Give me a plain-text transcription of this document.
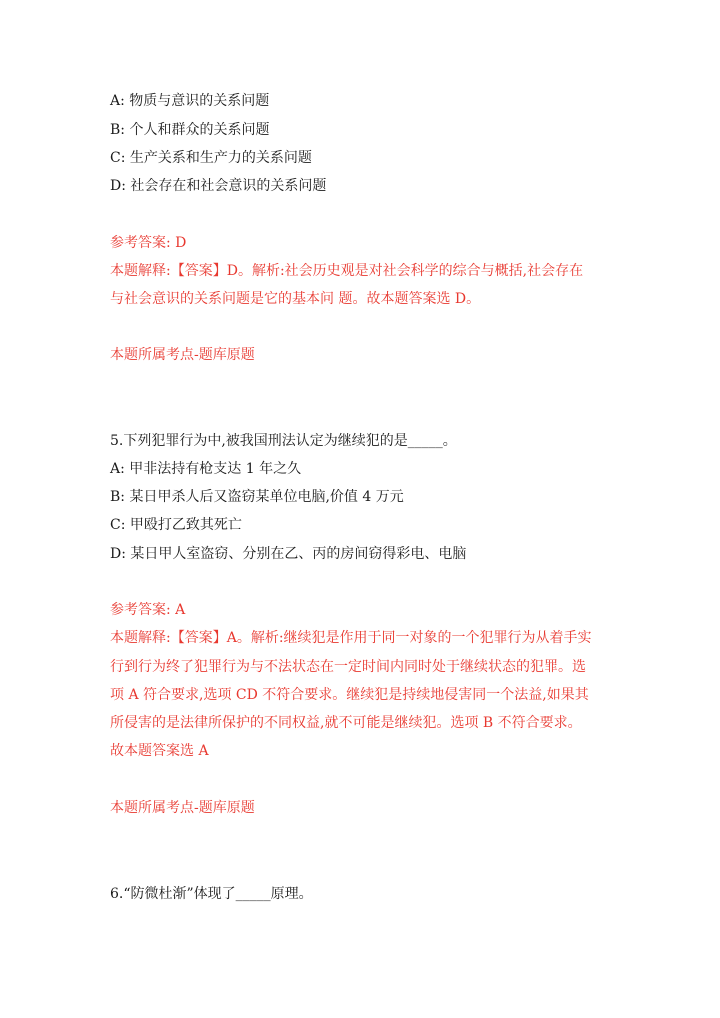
A: 物质与意识的关系问题
B: 个人和群众的关系问题
C: 生产关系和生产力的关系问题
D: 社会存在和社会意识的关系问题
参考答案: D
本题解释:【答案】D。解析:社会历史观是对社会科学的综合与概括,社会存在
与社会意识的关系问题是它的基本问 题。故本题答案选 D。
本题所属考点-题库原题
5.下列犯罪行为中,被我国刑法认定为继续犯的是_____。
A: 甲非法持有枪支达 1 年之久
B: 某日甲杀人后又盗窃某单位电脑,价值 4 万元
C: 甲殴打乙致其死亡
D: 某日甲人室盗窃、分别在乙、丙的房间窃得彩电、电脑
参考答案: A
本题解释:【答案】A。解析:继续犯是作用于同一对象的一个犯罪行为从着手实
行到行为终了犯罪行为与不法状态在一定时间内同时处于继续状态的犯罪。选
项 A 符合要求,选项 CD 不符合要求。继续犯是持续地侵害同一个法益,如果其
所侵害的是法律所保护的不同权益,就不可能是继续犯。选项 B 不符合要求。
故本题答案选 A
本题所属考点-题库原题
6.“防微杜渐”体现了_____原理。
